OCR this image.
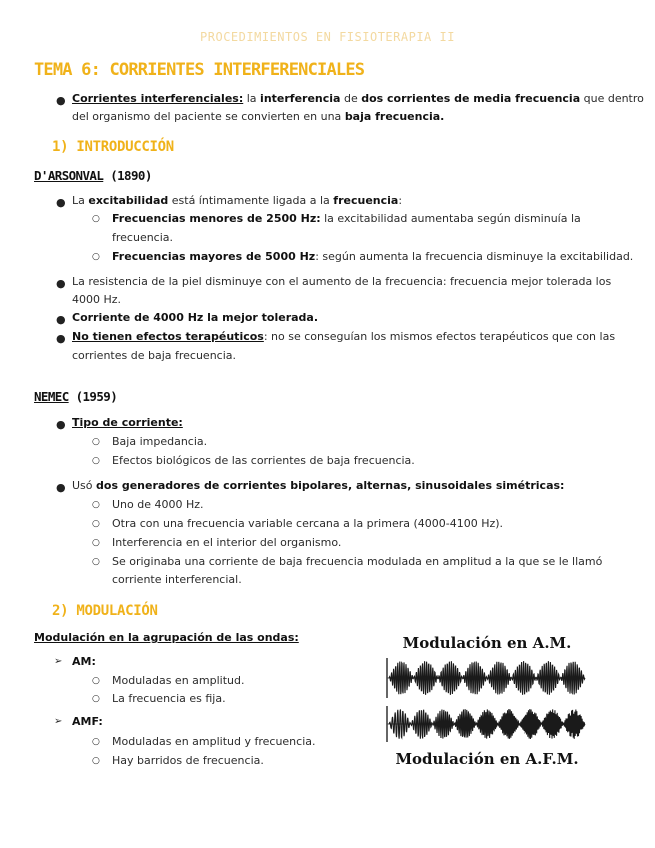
PROCEDIMIENTOS EN FISIOTERAPIA II
TEMA 6: CORRIENTES INTERFERENCIALES
● Corrientes interferenciales: la interferencia de dos corrientes de media frecuencia que dentro
del organismo del paciente se convierten en una baja frecuencia.
1) INTRODUCCIÓN
D'ARSONVAL (1890)
● La excitabilidad está íntimamente ligada a la frecuencia:
○ Frecuencias menores de 2500 Hz: la excitabilidad aumentaba según disminuía la
frecuencia.
○ Frecuencias mayores de 5000 Hz: según aumenta la frecuencia disminuye la excitabilidad.
● La resistencia de la piel disminuye con el aumento de la frecuencia: frecuencia mejor tolerada los
4000 Hz.
● Corriente de 4000 Hz la mejor tolerada.
● No tienen efectos terapéuticos: no se conseguían los mismos efectos terapéuticos que con las
corrientes de baja frecuencia.
NEMEC (1959)
● Tipo de corriente:
○ Baja impedancia.
○ Efectos biológicos de las corrientes de baja frecuencia.
● Usó dos generadores de corrientes bipolares, alternas, sinusoidales simétricas:
○ Uno de 4000 Hz.
○ Otra con una frecuencia variable cercana a la primera (4000-4100 Hz).
○ Interferencia en el interior del organismo.
○ Se originaba una corriente de baja frecuencia modulada en amplitud a la que se le llamó
corriente interferencial.
2) MODULACIÓN
Modulación en la agrupación de las ondas:
➢ AM:
○ Moduladas en amplitud.
○ La frecuencia es fija.
➢ AMF:
○ Moduladas en amplitud y frecuencia.
○ Hay barridos de frecuencia.
Modulación en A.M.
Modulación en A.F.M.
